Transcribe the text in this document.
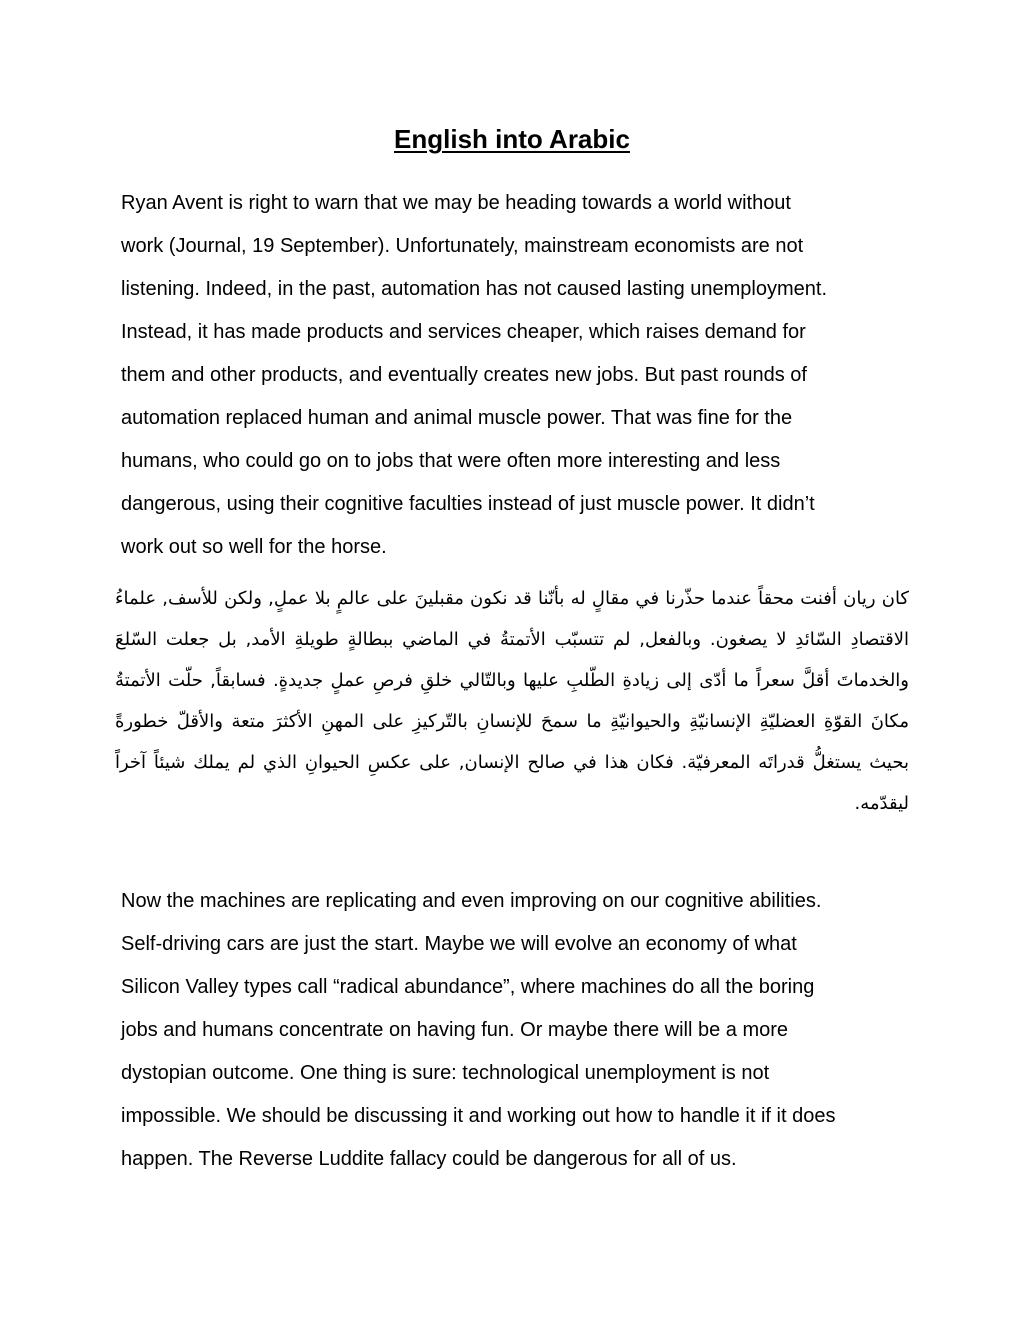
English into Arabic

Ryan Avent is right to warn that we may be heading towards a world without
work (Journal, 19 September). Unfortunately, mainstream economists are not
listening. Indeed, in the past, automation has not caused lasting unemployment.
Instead, it has made products and services cheaper, which raises demand for
them and other products, and eventually creates new jobs. But past rounds of
automation replaced human and animal muscle power. That was fine for the
humans, who could go on to jobs that were often more interesting and less
dangerous, using their cognitive faculties instead of just muscle power. It didn’t
work out so well for the horse.

كان ريان أفنت محقاً عندما حذّرنا في مقالٍ له بأنّنا قد نكون مقبلينَ على عالمٍ بلا عملٍ, ولكن للأسف, علماءُ
الاقتصادِ السّائدِ لا يصغون. وبالفعل, لم تتسبّب الأتمتةُ في الماضي ببطالةٍ طويلةِ الأمد, بل جعلت السّلعَ
والخدماتَ أقلَّ سعراً ما أدّى إلى زيادةِ الطّلبِ عليها وبالتّالي خلقِ فرصِ عملٍ جديدةٍ. فسابقاً, حلّت الأتمتةُ
مكانَ القوّةِ العضليّةِ الإنسانيّةِ والحيوانيّةِ ما سمحَ للإنسانِ بالتّركيزِ على المهنِ الأكثرَ متعة والأقلّ خطورةً
بحيث يستغلُّ قدراتَه المعرفيّة. فكان هذا في صالح الإنسان, على عكسِ الحيوانِ الذي لم يملك شيئاً آخراً
ليقدّمه.

Now the machines are replicating and even improving on our cognitive abilities.
Self-driving cars are just the start. Maybe we will evolve an economy of what
Silicon Valley types call “radical abundance”, where machines do all the boring
jobs and humans concentrate on having fun. Or maybe there will be a more
dystopian outcome. One thing is sure: technological unemployment is not
impossible. We should be discussing it and working out how to handle it if it does
happen. The Reverse Luddite fallacy could be dangerous for all of us.
